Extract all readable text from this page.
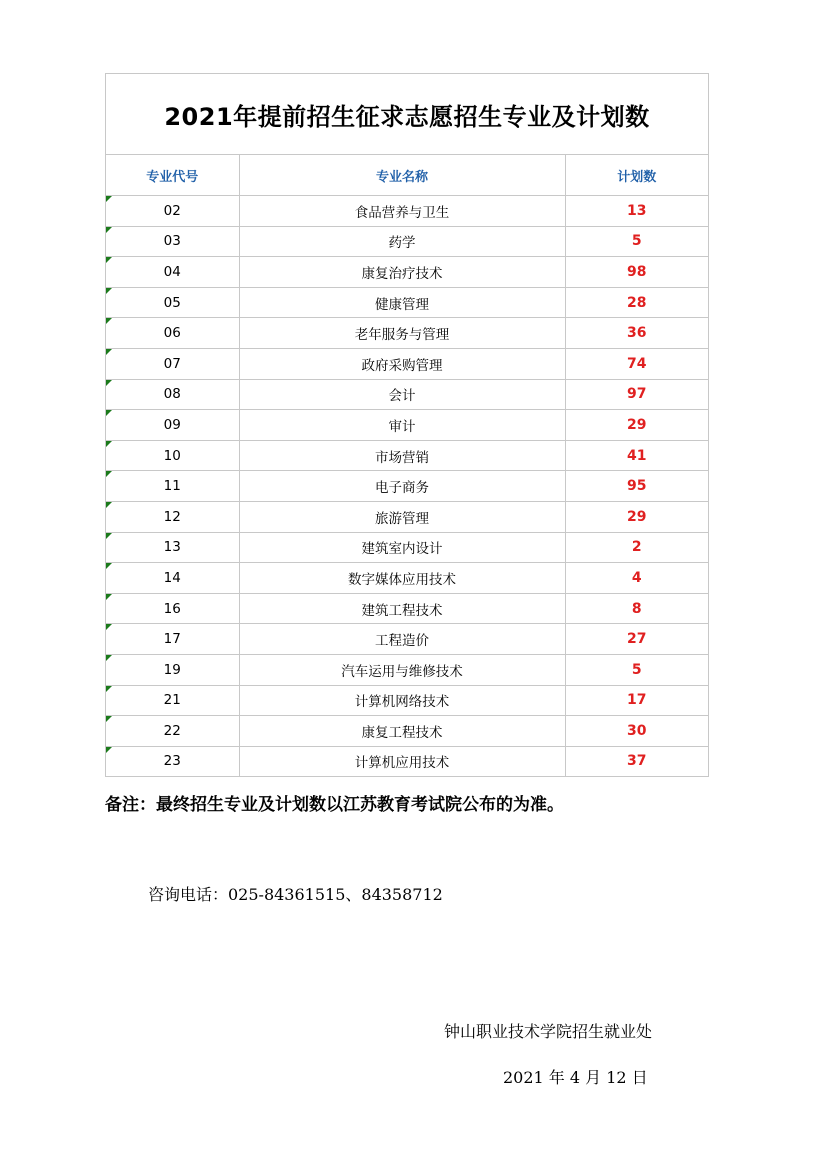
2021年提前招生征求志愿招生专业及计划数
专业代号	专业名称	计划数

02	食品营养与卫生	13

03	药学	5

04	康复治疗技术	98

05	健康管理	28

06	老年服务与管理	36

07	政府采购管理	74

08	会计	97

09	审计	29

10	市场营销	41

11	电子商务	95

12	旅游管理	29

13	建筑室内设计	2

14	数字媒体应用技术	4

16	建筑工程技术	8

17	工程造价	27

19	汽车运用与维修技术	5

21	计算机网络技术	17

22	康复工程技术	30

23	计算机应用技术	37
备注：最终招生专业及计划数以江苏教育考试院公布的为准。
咨询电话：025-84361515、84358712
钟山职业技术学院招生就业处
2021 年 4 月 12 日
